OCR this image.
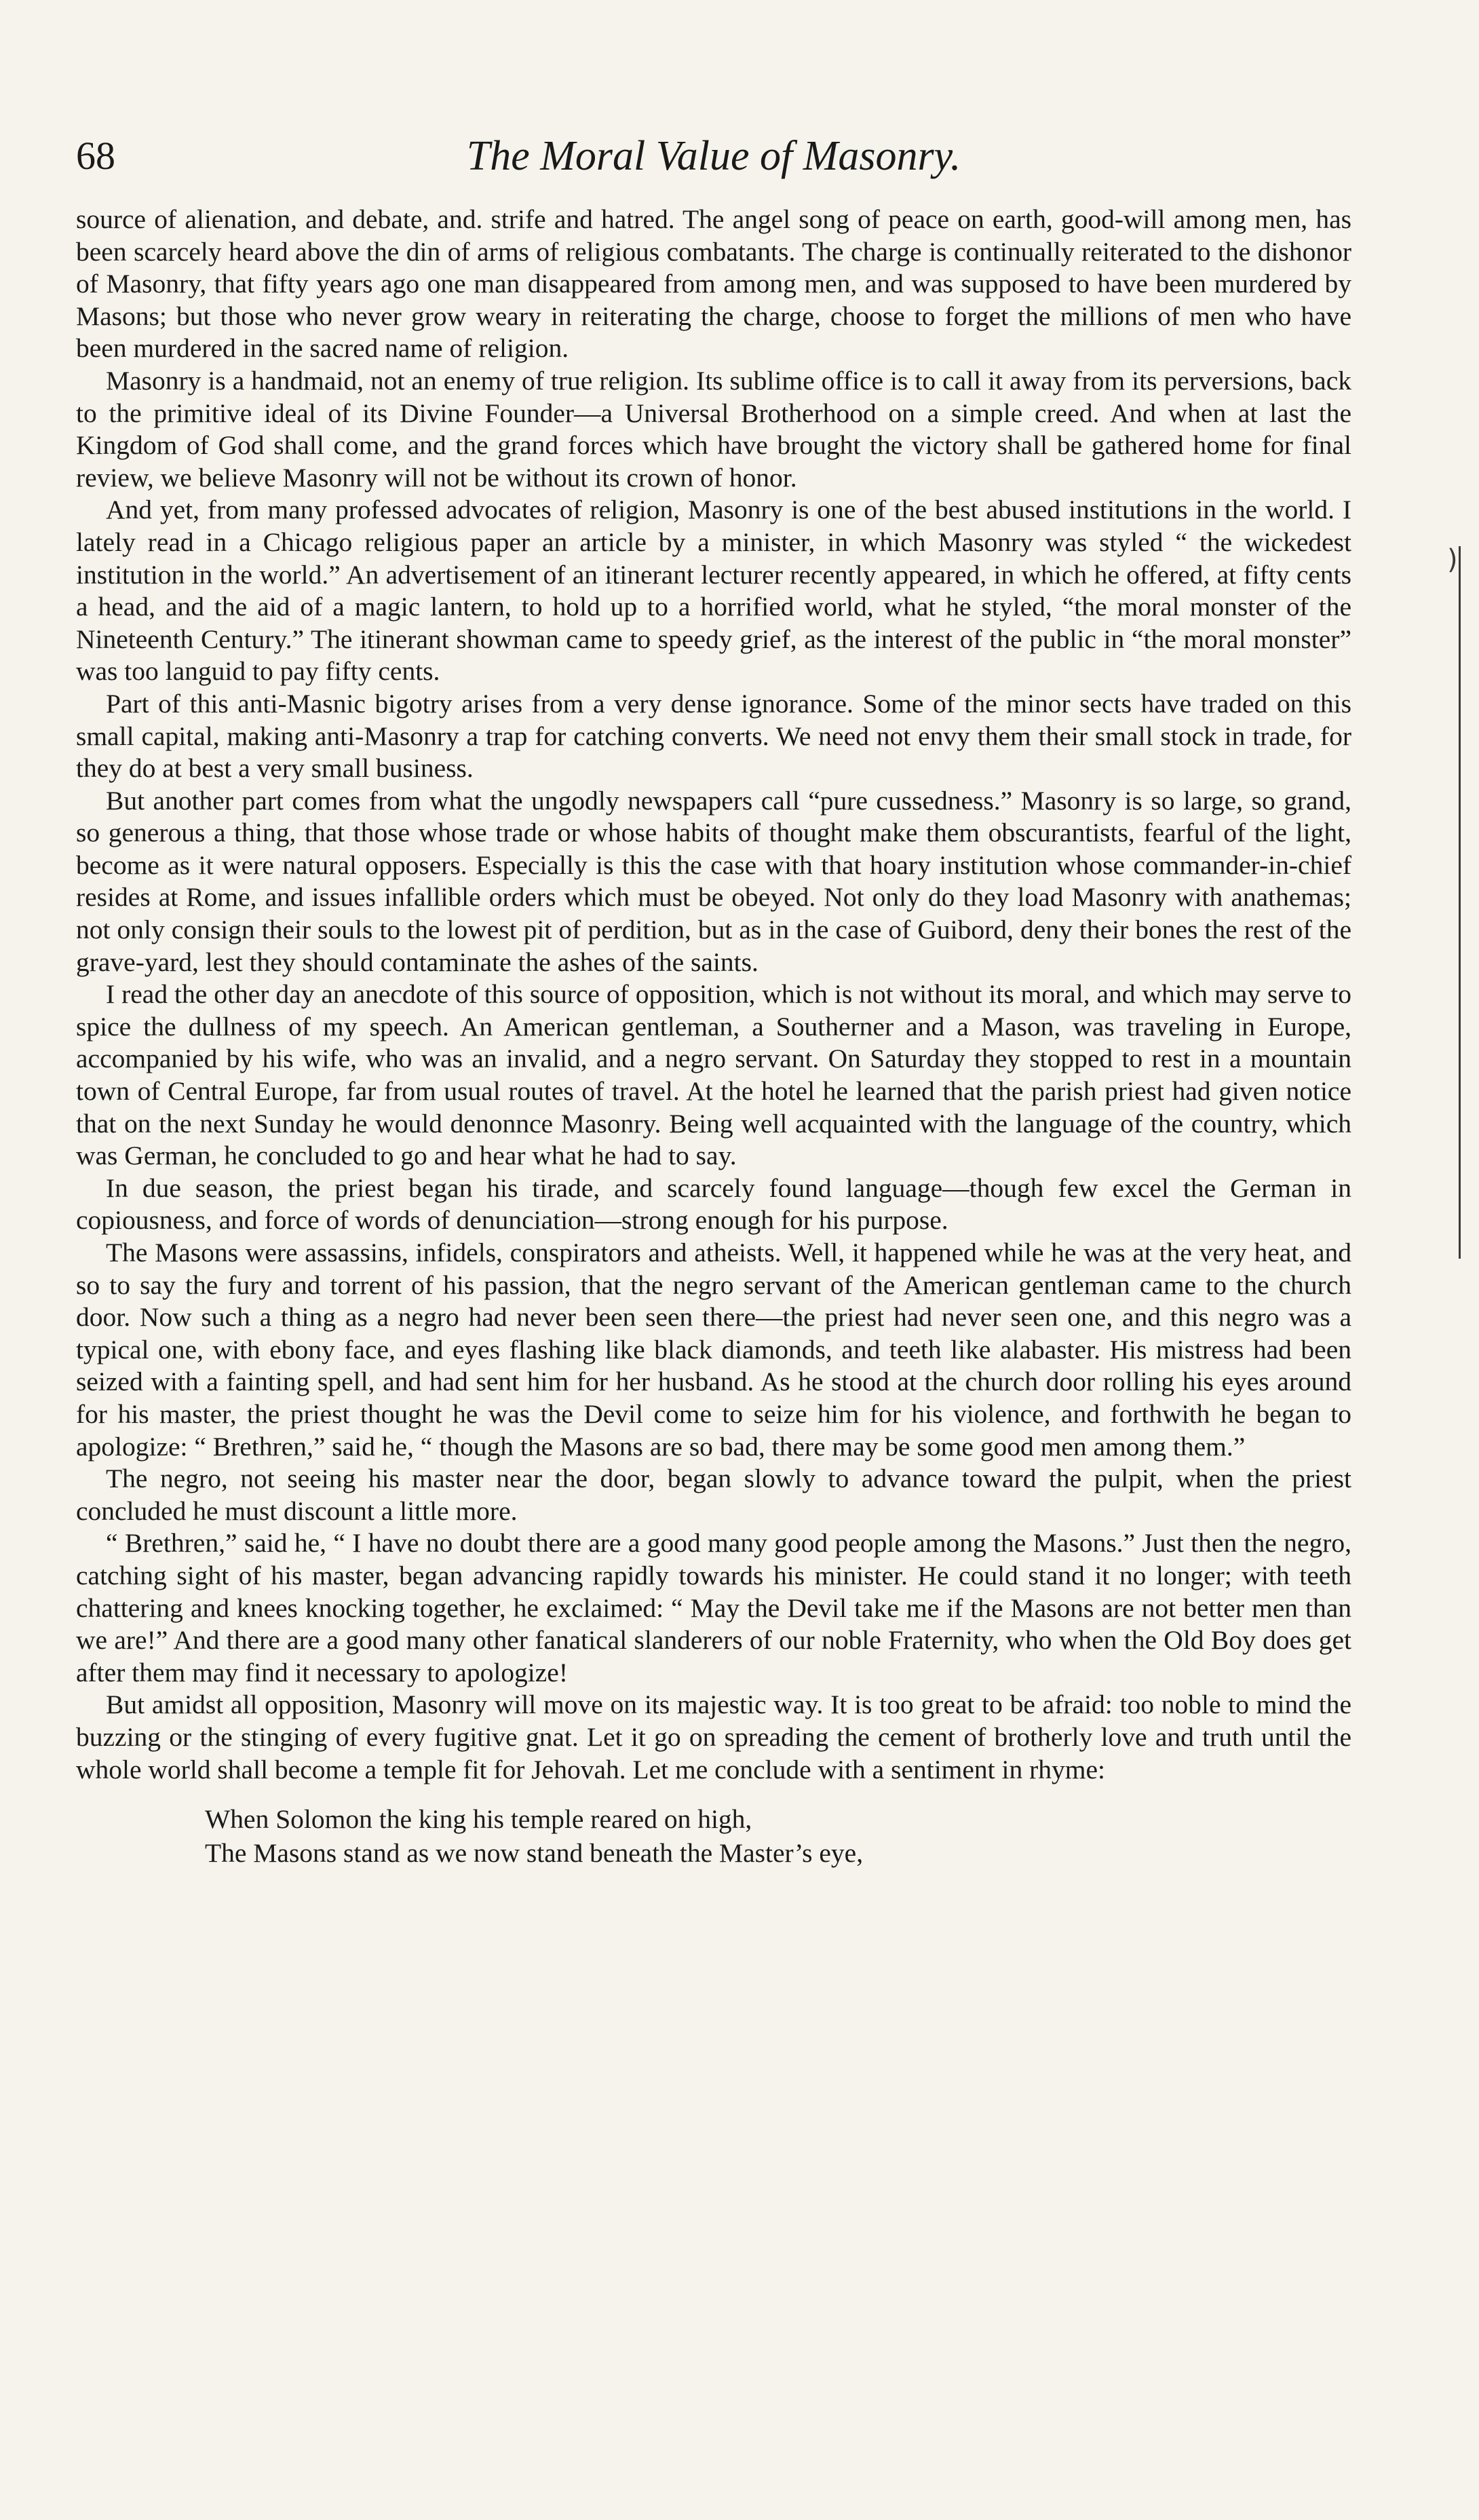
68	The Moral Value of Masonry.

source of alienation, and debate, and. strife and hatred. The angel song of peace on earth, good-will among men, has been scarcely heard above the din of arms of religious combatants. The charge is continually reiterated to the dishonor of Masonry, that fifty years ago one man disappeared from among men, and was supposed to have been murdered by Masons; but those who never grow weary in reiterating the charge, choose to forget the millions of men who have been murdered in the sacred name of religion.

Masonry is a handmaid, not an enemy of true religion. Its sublime office is to call it away from its perversions, back to the primitive ideal of its Divine Founder—a Universal Brotherhood on a simple creed. And when at last the Kingdom of God shall come, and the grand forces which have brought the victory shall be gathered home for final review, we believe Masonry will not be without its crown of honor.

And yet, from many professed advocates of religion, Masonry is one of the best abused institutions in the world. I lately read in a Chicago religious paper an article by a minister, in which Masonry was styled “ the wickedest institution in the world.” An advertisement of an itinerant lecturer recently appeared, in which he offered, at fifty cents a head, and the aid of a magic lantern, to hold up to a horrified world, what he styled, “the moral monster of the Nineteenth Century.” The itinerant showman came to speedy grief, as the interest of the public in “the moral monster” was too languid to pay fifty cents.

Part of this anti-Masnic bigotry arises from a very dense ignorance. Some of the minor sects have traded on this small capital, making anti-Masonry a trap for catching converts. We need not envy them their small stock in trade, for they do at best a very small business.

But another part comes from what the ungodly newspapers call “pure cussedness.” Masonry is so large, so grand, so generous a thing, that those whose trade or whose habits of thought make them obscurantists, fearful of the light, become as it were natural opposers. Especially is this the case with that hoary institution whose commander-in-chief resides at Rome, and issues infallible orders which must be obeyed. Not only do they load Masonry with anathemas; not only consign their souls to the lowest pit of perdition, but as in the case of Guibord, deny their bones the rest of the grave-yard, lest they should contaminate the ashes of the saints.

I read the other day an anecdote of this source of opposition, which is not without its moral, and which may serve to spice the dullness of my speech. An American gentleman, a Southerner and a Mason, was traveling in Europe, accompanied by his wife, who was an invalid, and a negro servant. On Saturday they stopped to rest in a mountain town of Central Europe, far from usual routes of travel. At the hotel he learned that the parish priest had given notice that on the next Sunday he would denonnce Masonry. Being well acquainted with the language of the country, which was German, he concluded to go and hear what he had to say.

In due season, the priest began his tirade, and scarcely found language—though few excel the German in copiousness, and force of words of denunciation—strong enough for his purpose.

The Masons were assassins, infidels, conspirators and atheists. Well, it happened while he was at the very heat, and so to say the fury and torrent of his passion, that the negro servant of the American gentleman came to the church door. Now such a thing as a negro had never been seen there—the priest had never seen one, and this negro was a typical one, with ebony face, and eyes flashing like black diamonds, and teeth like alabaster. His mistress had been seized with a fainting spell, and had sent him for her husband. As he stood at the church door rolling his eyes around for his master, the priest thought he was the Devil come to seize him for his violence, and forthwith he began to apologize: “ Brethren,” said he, “ though the Masons are so bad, there may be some good men among them.”

The negro, not seeing his master near the door, began slowly to advance toward the pulpit, when the priest concluded he must discount a little more.

“ Brethren,” said he, “ I have no doubt there are a good many good people among the Masons.” Just then the negro, catching sight of his master, began advancing rapidly towards his minister. He could stand it no longer; with teeth chattering and knees knocking together, he exclaimed: “ May the Devil take me if the Masons are not better men than we are!” And there are a good many other fanatical slanderers of our noble Fraternity, who when the Old Boy does get after them may find it necessary to apologize!

But amidst all opposition, Masonry will move on its majestic way. It is too great to be afraid: too noble to mind the buzzing or the stinging of every fugitive gnat. Let it go on spreading the cement of brotherly love and truth until the whole world shall become a temple fit for Jehovah. Let me conclude with a sentiment in rhyme:

When Solomon the king his temple reared on high,
The Masons stand as we now stand beneath the Master’s eye,
)
